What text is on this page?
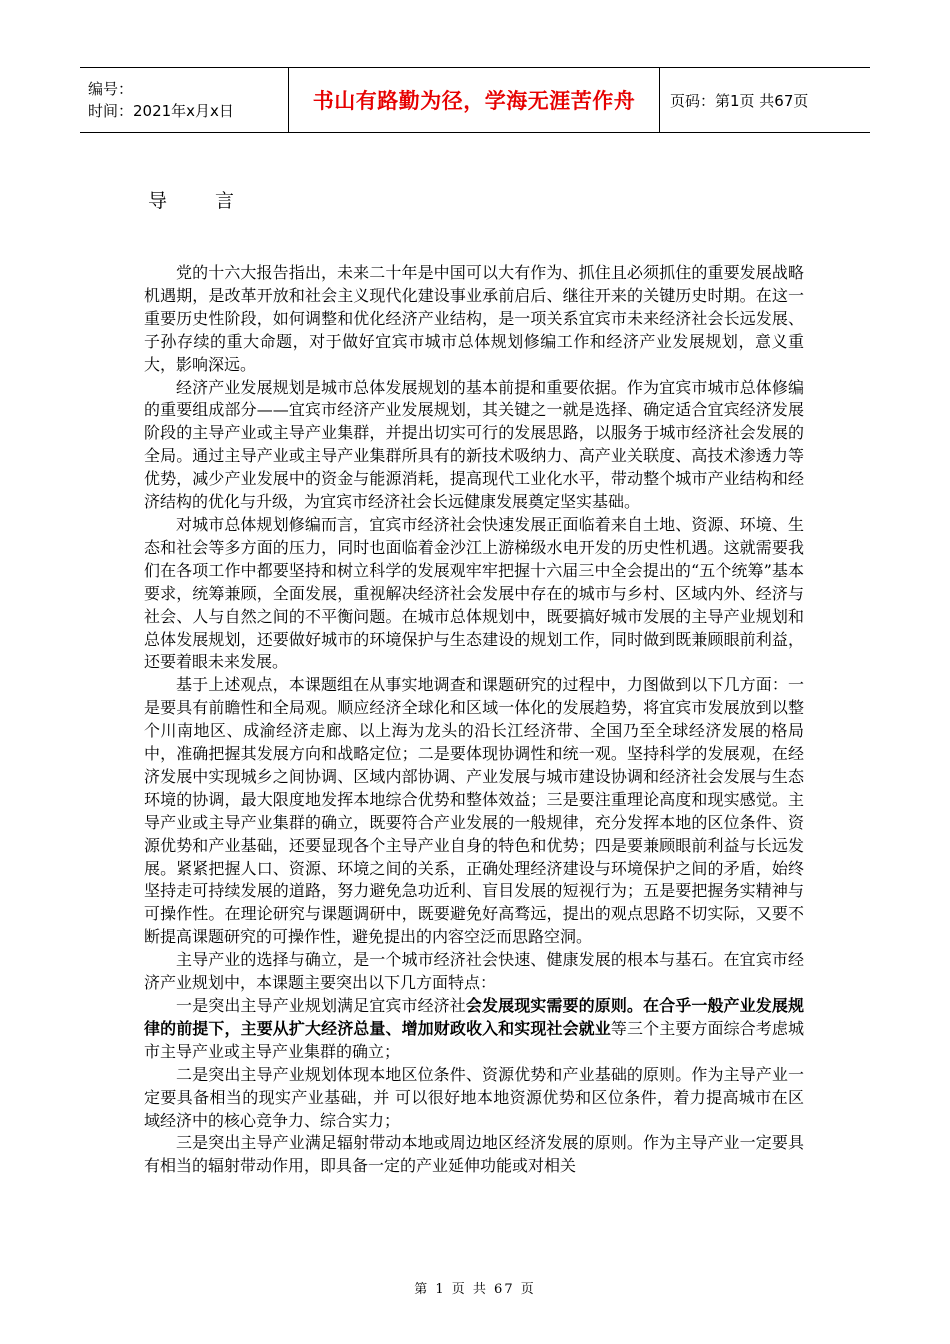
编号：
时间：2021年x月x日	书山有路勤为径，学海无涯苦作舟	页码：第1页 共67页
导言

党的十六大报告指出，未来二十年是中国可以大有作为、抓住且必须抓住的重要发展战略机遇期，是改革开放和社会主义现代化建设事业承前启后、继往开来的关键历史时期。在这一重要历史性阶段，如何调整和优化经济产业结构，是一项关系宜宾市未来经济社会长远发展、子孙存续的重大命题，对于做好宜宾市城市总体规划修编工作和经济产业发展规划，意义重大，影响深远。

经济产业发展规划是城市总体发展规划的基本前提和重要依据。作为宜宾市城市总体修编的重要组成部分——宜宾市经济产业发展规划，其关键之一就是选择、确定适合宜宾经济发展阶段的主导产业或主导产业集群，并提出切实可行的发展思路，以服务于城市经济社会发展的全局。通过主导产业或主导产业集群所具有的新技术吸纳力、高产业关联度、高技术渗透力等优势，减少产业发展中的资金与能源消耗，提高现代工业化水平，带动整个城市产业结构和经济结构的优化与升级，为宜宾市经济社会长远健康发展奠定坚实基础。

对城市总体规划修编而言，宜宾市经济社会快速发展正面临着来自土地、资源、环境、生态和社会等多方面的压力，同时也面临着金沙江上游梯级水电开发的历史性机遇。这就需要我们在各项工作中都要坚持和树立科学的发展观牢牢把握十六届三中全会提出的“五个统筹”基本要求，统筹兼顾，全面发展，重视解决经济社会发展中存在的城市与乡村、区域内外、经济与社会、人与自然之间的不平衡问题。在城市总体规划中，既要搞好城市发展的主导产业规划和总体发展规划，还要做好城市的环境保护与生态建设的规划工作，同时做到既兼顾眼前利益，还要着眼未来发展。

基于上述观点，本课题组在从事实地调查和课题研究的过程中，力图做到以下几方面：一是要具有前瞻性和全局观。顺应经济全球化和区域一体化的发展趋势，将宜宾市发展放到以整个川南地区、成渝经济走廊、以上海为龙头的沿长江经济带、全国乃至全球经济发展的格局中，准确把握其发展方向和战略定位；二是要体现协调性和统一观。坚持科学的发展观，在经济发展中实现城乡之间协调、区域内部协调、产业发展与城市建设协调和经济社会发展与生态环境的协调，最大限度地发挥本地综合优势和整体效益；三是要注重理论高度和现实感觉。主导产业或主导产业集群的确立，既要符合产业发展的一般规律，充分发挥本地的区位条件、资源优势和产业基础，还要显现各个主导产业自身的特色和优势；四是要兼顾眼前利益与长远发展。紧紧把握人口、资源、环境之间的关系，正确处理经济建设与环境保护之间的矛盾，始终坚持走可持续发展的道路，努力避免急功近利、盲目发展的短视行为；五是要把握务实精神与可操作性。在理论研究与课题调研中，既要避免好高骛远，提出的观点思路不切实际，又要不断提高课题研究的可操作性，避免提出的内容空泛而思路空洞。

主导产业的选择与确立，是一个城市经济社会快速、健康发展的根本与基石。在宜宾市经济产业规划中，本课题主要突出以下几方面特点：

一是突出主导产业规划满足宜宾市经济社会发展现实需要的原则。在合乎一般产业发展规律的前提下，主要从扩大经济总量、增加财政收入和实现社会就业等三个主要方面综合考虑城市主导产业或主导产业集群的确立；

二是突出主导产业规划体现本地区位条件、资源优势和产业基础的原则。作为主导产业一定要具备相当的现实产业基础，并 可以很好地本地资源优势和区位条件，着力提高城市在区域经济中的核心竞争力、综合实力；

三是突出主导产业满足辐射带动本地或周边地区经济发展的原则。作为主导产业一定要具有相当的辐射带动作用，即具备一定的产业延伸功能或对相关

第 1 页 共 67 页
